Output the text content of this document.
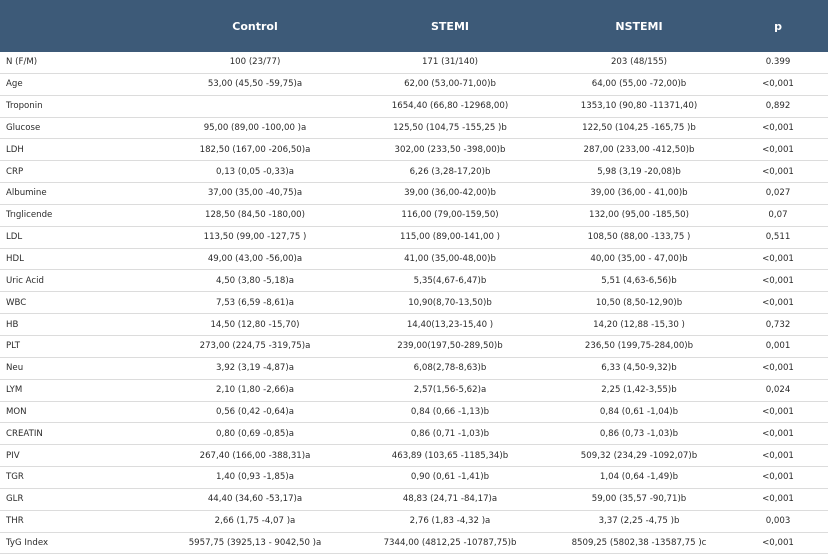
	Control	STEMI	NSTEMI	p
N (F/M)	100 (23/77)	171 (31/140)	203 (48/155)	0.399
Age	53,00 (45,50 -59,75)a	62,00 (53,00-71,00)b	64,00 (55,00 -72,00)b	<0,001
Troponin		1654,40 (66,80 -12968,00)	1353,10 (90,80 -11371,40)	0,892
Glucose	95,00 (89,00 -100,00 )a	125,50 (104,75 -155,25 )b	122,50 (104,25 -165,75 )b	<0,001
LDH	182,50 (167,00 -206,50)a	302,00 (233,50 -398,00)b	287,00 (233,00 -412,50)b	<0,001
CRP	0,13 (0,05 -0,33)a	6,26 (3,28-17,20)b	5,98 (3,19 -20,08)b	<0,001
Albumine	37,00 (35,00 -40,75)a	39,00 (36,00-42,00)b	39,00 (36,00 - 41,00)b	0,027
Trıglicende	128,50 (84,50 -180,00)	116,00 (79,00-159,50)	132,00 (95,00 -185,50)	0,07
LDL	113,50 (99,00 -127,75 )	115,00 (89,00-141,00 )	108,50 (88,00 -133,75 )	0,511
HDL	49,00 (43,00 -56,00)a	41,00 (35,00-48,00)b	40,00 (35,00 - 47,00)b	<0,001
Uric Acid	4,50 (3,80 -5,18)a	5,35(4,67-6,47)b	5,51 (4,63-6,56)b	<0,001
WBC	7,53 (6,59 -8,61)a	10,90(8,70-13,50)b	10,50 (8,50-12,90)b	<0,001
HB	14,50 (12,80 -15,70)	14,40(13,23-15,40 )	14,20 (12,88 -15,30 )	0,732
PLT	273,00 (224,75 -319,75)a	239,00(197,50-289,50)b	236,50 (199,75-284,00)b	0,001
Neu	3,92 (3,19 -4,87)a	6,08(2,78-8,63)b	6,33 (4,50-9,32)b	<0,001
LYM	2,10 (1,80 -2,66)a	2,57(1,56-5,62)a	2,25 (1,42-3,55)b	0,024
MON	0,56 (0,42 -0,64)a	0,84 (0,66 -1,13)b	0,84 (0,61 -1,04)b	<0,001
CREATIN	0,80 (0,69 -0,85)a	0,86 (0,71 -1,03)b	0,86 (0,73 -1,03)b	<0,001
PIV	267,40 (166,00 -388,31)a	463,89 (103,65 -1185,34)b	509,32 (234,29 -1092,07)b	<0,001
TGR	1,40 (0,93 -1,85)a	0,90 (0,61 -1,41)b	1,04 (0,64 -1,49)b	<0,001
GLR	44,40 (34,60 -53,17)a	48,83 (24,71 -84,17)a	59,00 (35,57 -90,71)b	<0,001
THR	2,66 (1,75 -4,07 )a	2,76 (1,83 -4,32 )a	3,37 (2,25 -4,75 )b	0,003
TyG Index	5957,75 (3925,13 - 9042,50 )a	7344,00 (4812,25 -10787,75)b	8509,25 (5802,38 -13587,75 )c	<0,001
